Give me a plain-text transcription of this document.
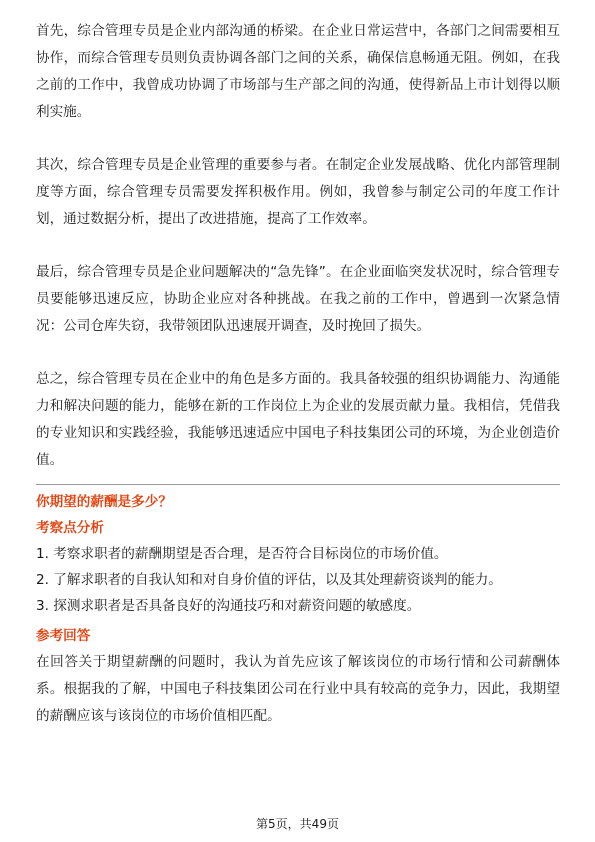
首先，综合管理专员是企业内部沟通的桥梁。在企业日常运营中，各部门之间需要相互协作，而综合管理专员则负责协调各部门之间的关系，确保信息畅通无阻。例如，在我之前的工作中，我曾成功协调了市场部与生产部之间的沟通，使得新品上市计划得以顺利实施。

其次，综合管理专员是企业管理的重要参与者。在制定企业发展战略、优化内部管理制度等方面，综合管理专员需要发挥积极作用。例如，我曾参与制定公司的年度工作计划，通过数据分析，提出了改进措施，提高了工作效率。

最后，综合管理专员是企业问题解决的“急先锋”。在企业面临突发状况时，综合管理专员要能够迅速反应，协助企业应对各种挑战。在我之前的工作中，曾遇到一次紧急情况：公司仓库失窃，我带领团队迅速展开调查，及时挽回了损失。

总之，综合管理专员在企业中的角色是多方面的。我具备较强的组织协调能力、沟通能力和解决问题的能力，能够在新的工作岗位上为企业的发展贡献力量。我相信，凭借我的专业知识和实践经验，我能够迅速适应中国电子科技集团公司的环境，为企业创造价值。

你期望的薪酬是多少？
考察点分析
1. 考察求职者的薪酬期望是否合理，是否符合目标岗位的市场价值。
2. 了解求职者的自我认知和对自身价值的评估，以及其处理薪资谈判的能力。
3. 探测求职者是否具备良好的沟通技巧和对薪资问题的敏感度。
参考回答

在回答关于期望薪酬的问题时，我认为首先应该了解该岗位的市场行情和公司薪酬体系。根据我的了解，中国电子科技集团公司在行业中具有较高的竞争力，因此，我期望的薪酬应该与该岗位的市场价值相匹配。

第5页，共49页
